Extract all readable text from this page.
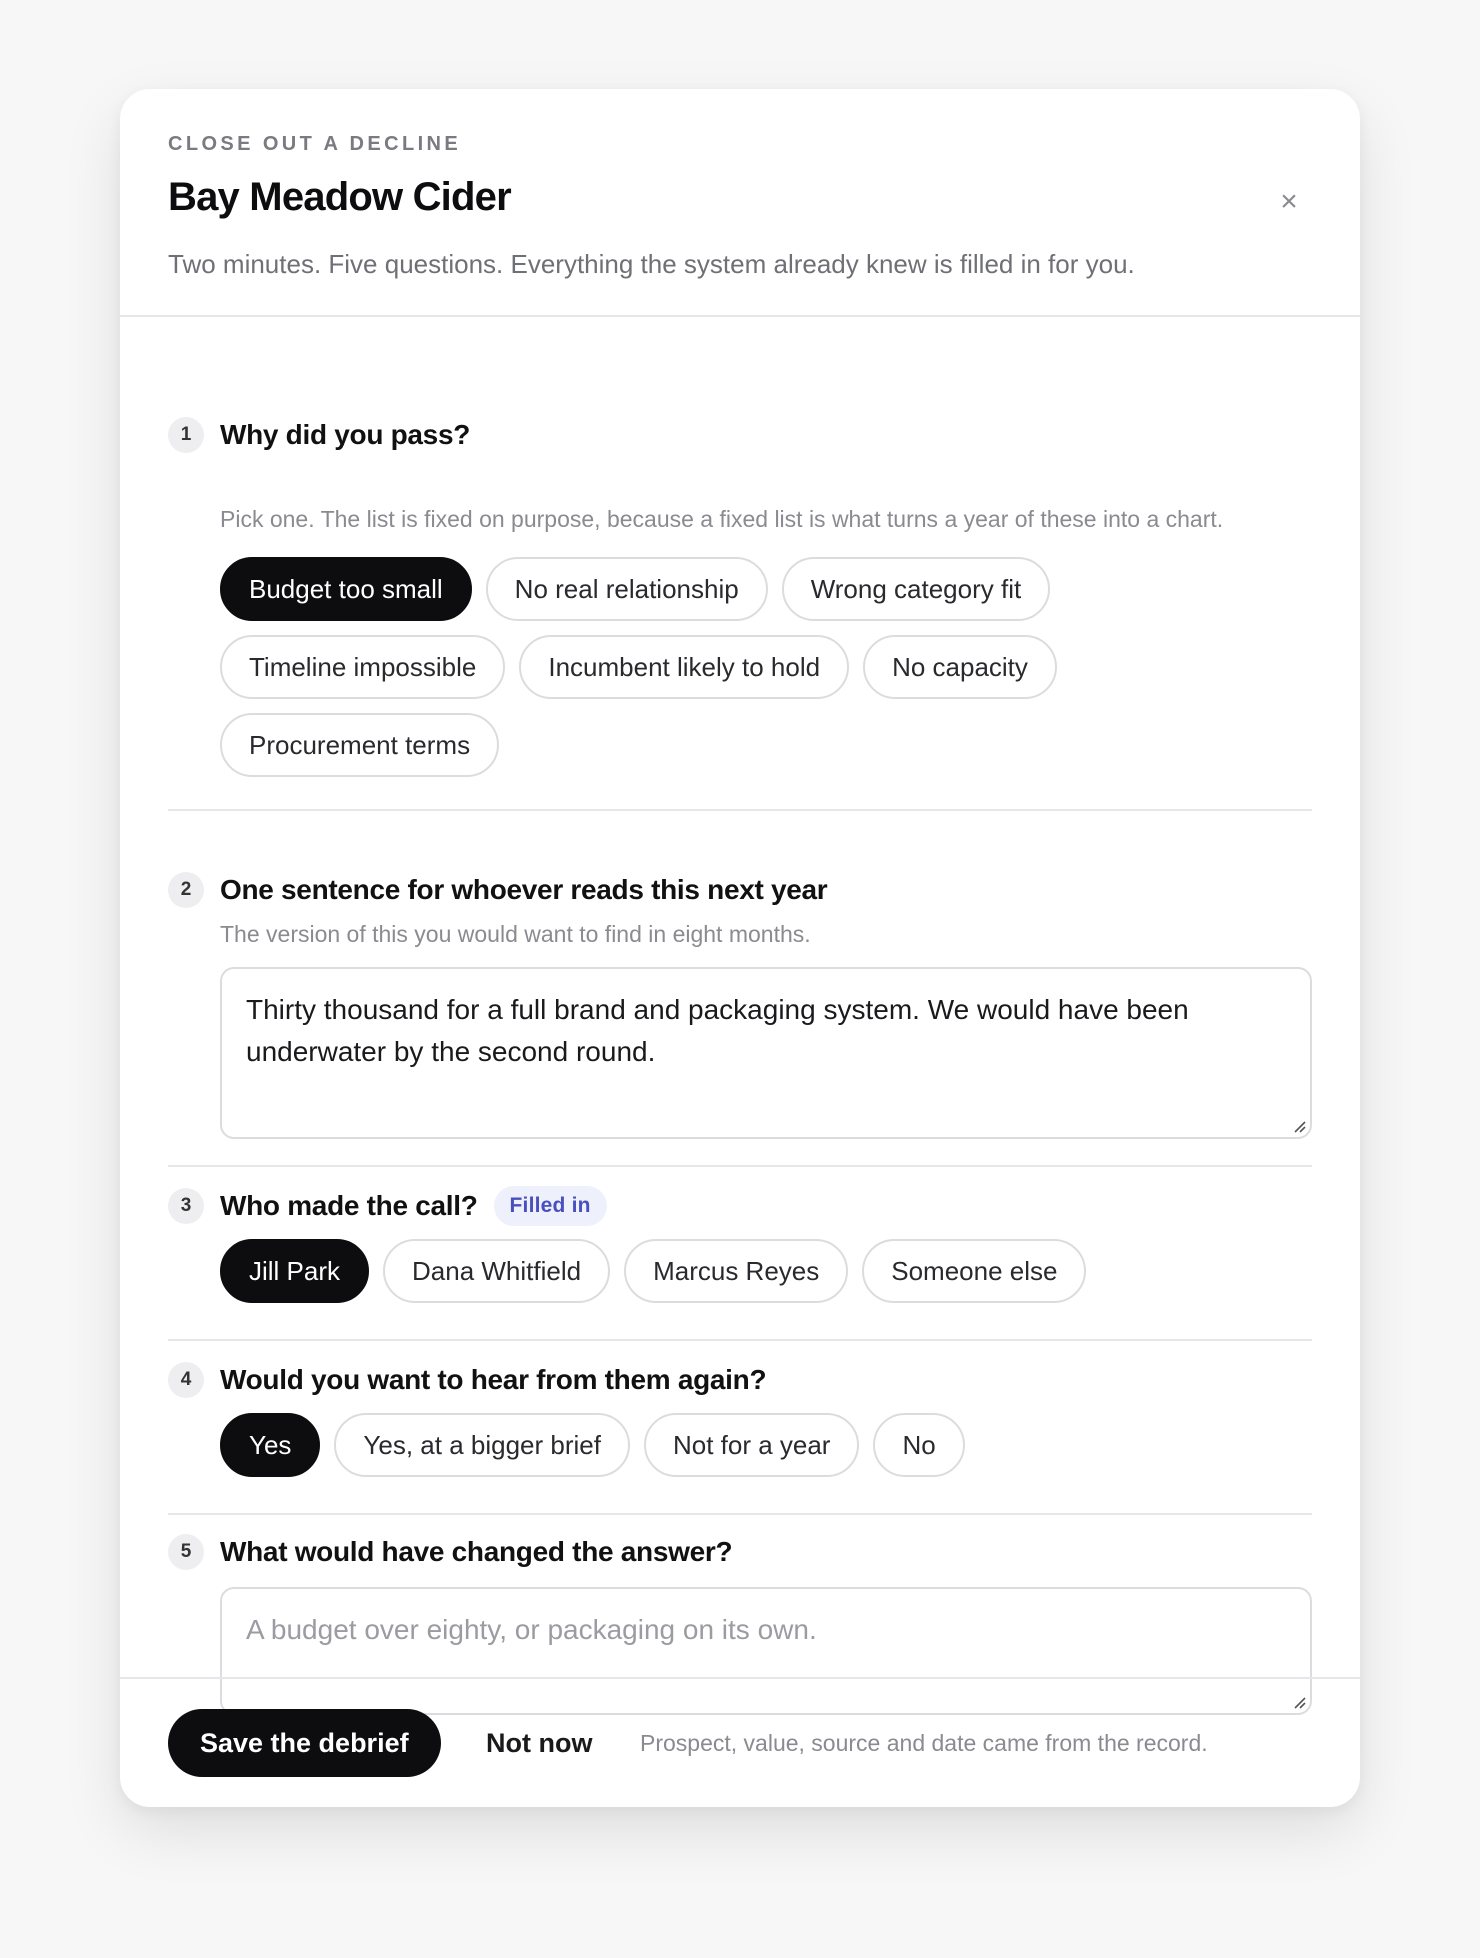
CLOSE OUT A DECLINE
Bay Meadow Cider
Two minutes. Five questions. Everything the system already knew is filled in for you.
×
1	Why did you pass?
Pick one. The list is fixed on purpose, because a fixed list is what turns a year of these into a chart.
Budget too small	No real relationship	Wrong category fit
Timeline impossible	Incumbent likely to hold	No capacity
Procurement terms
2	One sentence for whoever reads this next year
The version of this you would want to find in eight months.
Thirty thousand for a full brand and packaging system. We would have been underwater by the second round.
3	Who made the call?	Filled in
Jill Park	Dana Whitfield	Marcus Reyes	Someone else
4	Would you want to hear from them again?
Yes	Yes, at a bigger brief	Not for a year	No
5	What would have changed the answer?
A budget over eighty, or packaging on its own.
Save the debrief	Not now Prospect, value, source and date came from the record.
